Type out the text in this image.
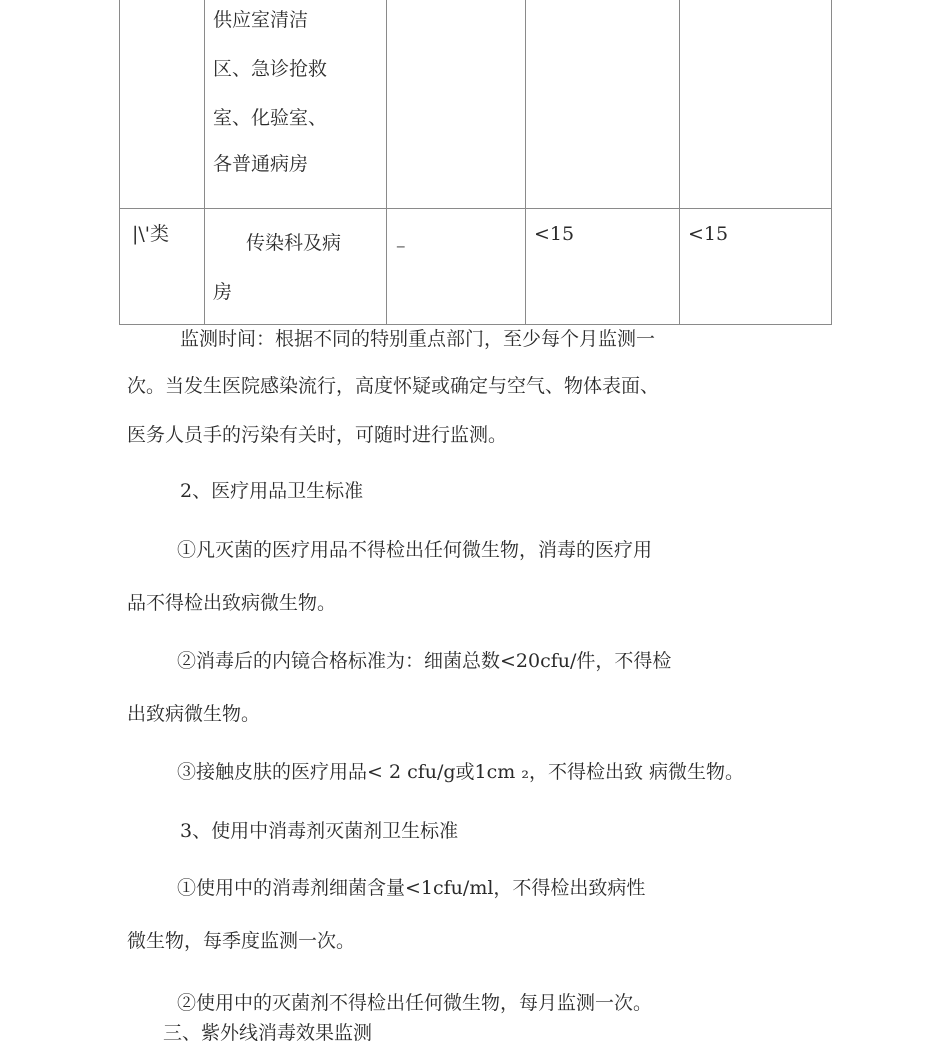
供应室清洁
区、急诊抢救
室、化验室、
各普通病房
|\'类	传染科及病
房
–
<15	<15
监测时间：根据不同的特别重点部门，至少每个月监测一
次。当发生医院感染流行，高度怀疑或确定与空气、物体表面、
医务人员手的污染有关时，可随时进行监测。
2、医疗用品卫生标准
①凡灭菌的医疗用品不得检出任何微生物，消毒的医疗用
品不得检出致病微生物。
②消毒后的内镜合格标准为：细菌总数<20cfu/件，不得检
出致病微生物。
③接触皮肤的医疗用品< 2 cfu/g或1cm ₂，不得检出致 病微生物。
3、使用中消毒剂灭菌剂卫生标准
①使用中的消毒剂细菌含量<1cfu/ml，不得检出致病性
微生物，每季度监测一次。
②使用中的灭菌剂不得检出任何微生物，每月监测一次。
三、紫外线消毒效果监测
